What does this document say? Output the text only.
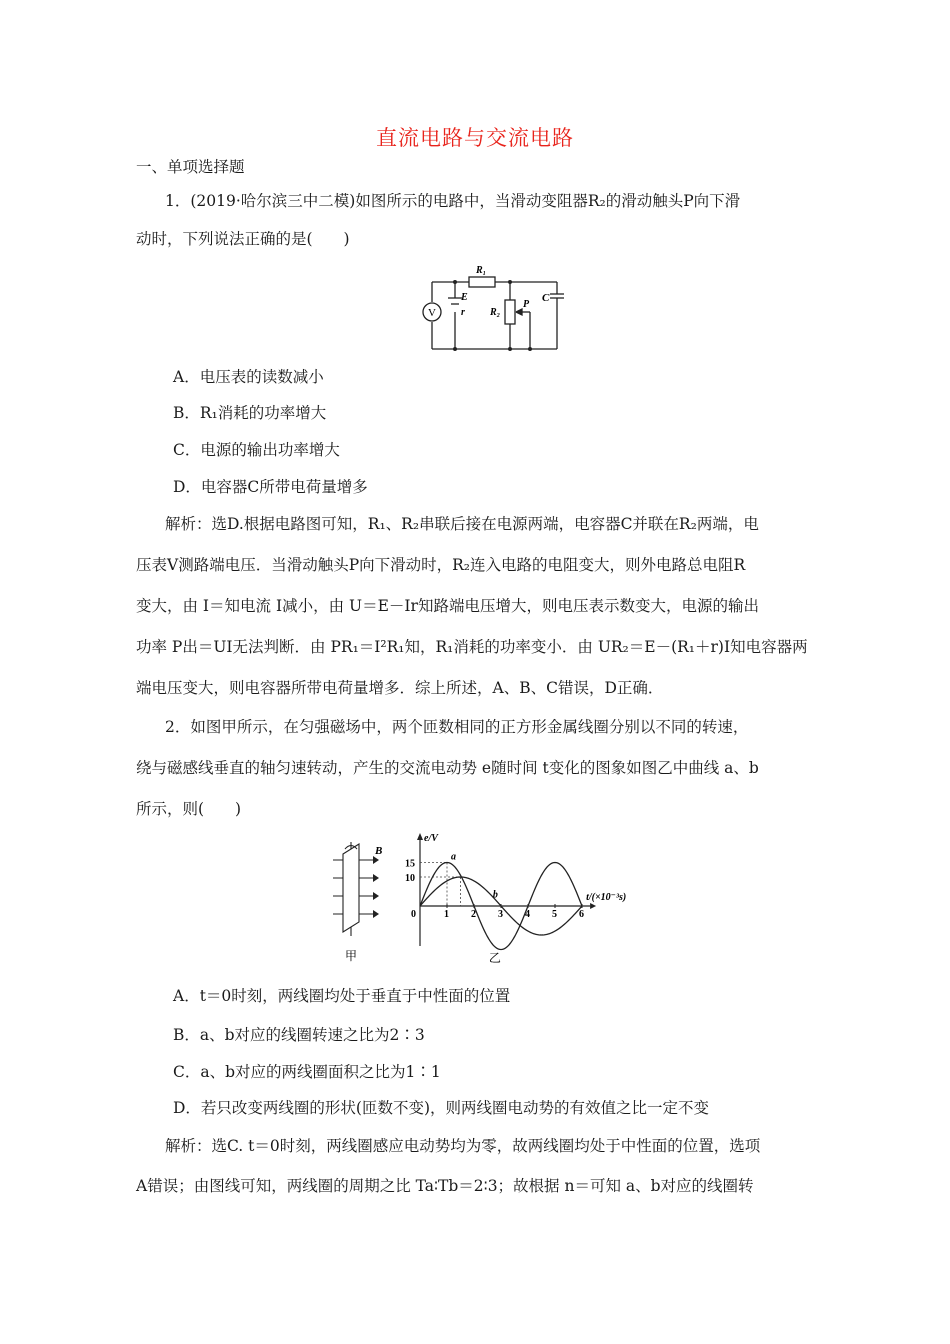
直流电路与交流电路
一、单项选择题
1．(2019·哈尔滨三中二模)如图所示的电路中，当滑动变阻器R₂的滑动触头P向下滑
动时，下列说法正确的是(　　)
V
R₁
E
r	R₂
P
C
A．电压表的读数减小
B．R₁消耗的功率增大
C．电源的输出功率增大
D．电容器C所带电荷量增多
解析：选D.根据电路图可知，R₁、R₂串联后接在电源两端，电容器C并联在R₂两端，电
压表V测路端电压．当滑动触头P向下滑动时，R₂连入电路的电阻变大，则外电路总电阻R
变大，由 I＝知电流 I减小，由 U＝E－Ir知路端电压增大，则电压表示数变大，电源的输出
功率 P出＝UI无法判断．由 PR₁＝I²R₁知，R₁消耗的功率变小．由 UR₂＝E－(R₁＋r)I知电容器两
端电压变大，则电容器所带电荷量增多．综上所述，A、B、C错误，D正确．
2．如图甲所示，在匀强磁场中，两个匝数相同的正方形金属线圈分别以不同的转速，
绕与磁感线垂直的轴匀速转动，产生的交流电动势 e随时间 t变化的图象如图乙中曲线 a、b
所示，则(　　)
B
甲
e/V
t/(×10⁻³s)
0	1 2 3 4 5 6
15
10
a
b
乙
A．t＝0时刻，两线圈均处于垂直于中性面的位置
B．a、b对应的线圈转速之比为2∶3
C．a、b对应的两线圈面积之比为1∶1
D．若只改变两线圈的形状(匝数不变)，则两线圈电动势的有效值之比一定不变
解析：选C. t＝0时刻，两线圈感应电动势均为零，故两线圈均处于中性面的位置，选项
A错误；由图线可知，两线圈的周期之比 Ta∶Tb＝2∶3；故根据 n＝可知 a、b对应的线圈转
